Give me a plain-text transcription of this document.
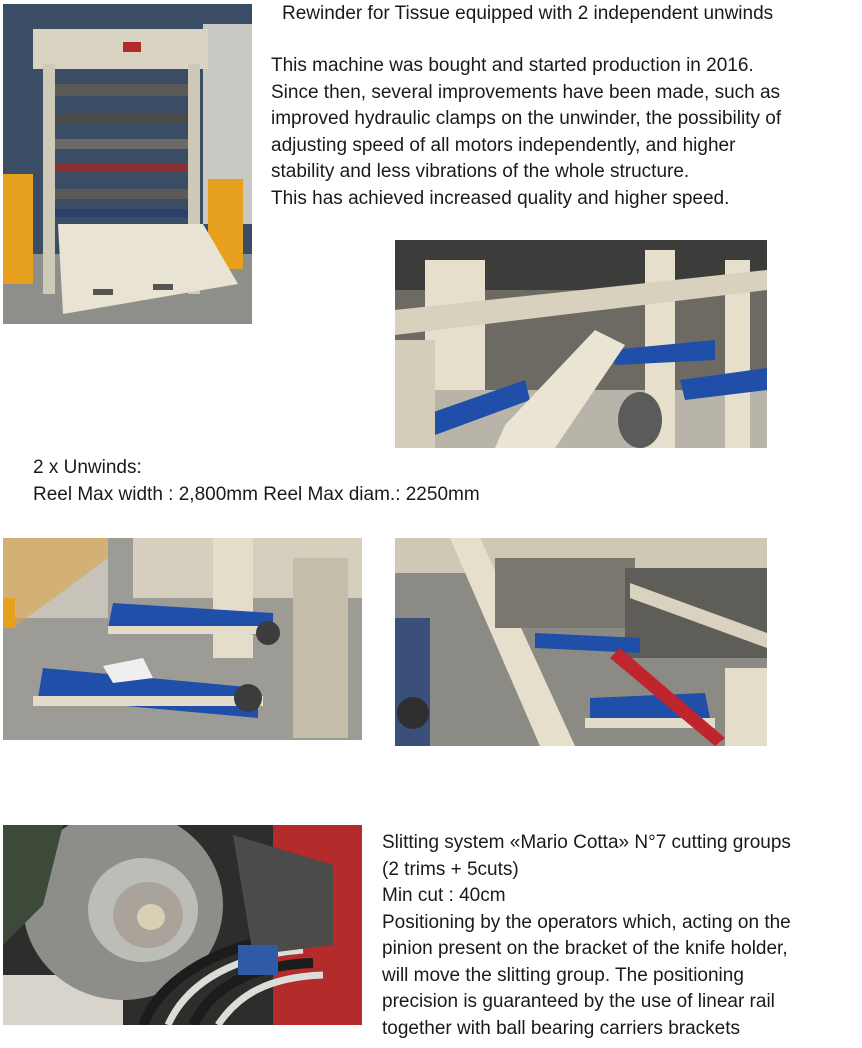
Rewinder for Tissue equipped with 2 independent unwinds
This machine was bought and started production in 2016.
Since then, several improvements have been made, such as
improved hydraulic clamps on the unwinder, the possibility of
adjusting speed of all motors independently, and higher
stability and less vibrations of the whole structure.
This has achieved increased quality and higher speed.
2 x Unwinds:
Reel Max width : 2,800mm Reel Max diam.: 2250mm
Slitting system «Mario Cotta» N°7 cutting groups
(2 trims + 5cuts)
Min cut : 40cm
Positioning by the operators which, acting on the
pinion present on the bracket of the knife holder,
will move the slitting group. The positioning
precision is guaranteed by the use of linear rail
together with ball bearing carriers brackets
